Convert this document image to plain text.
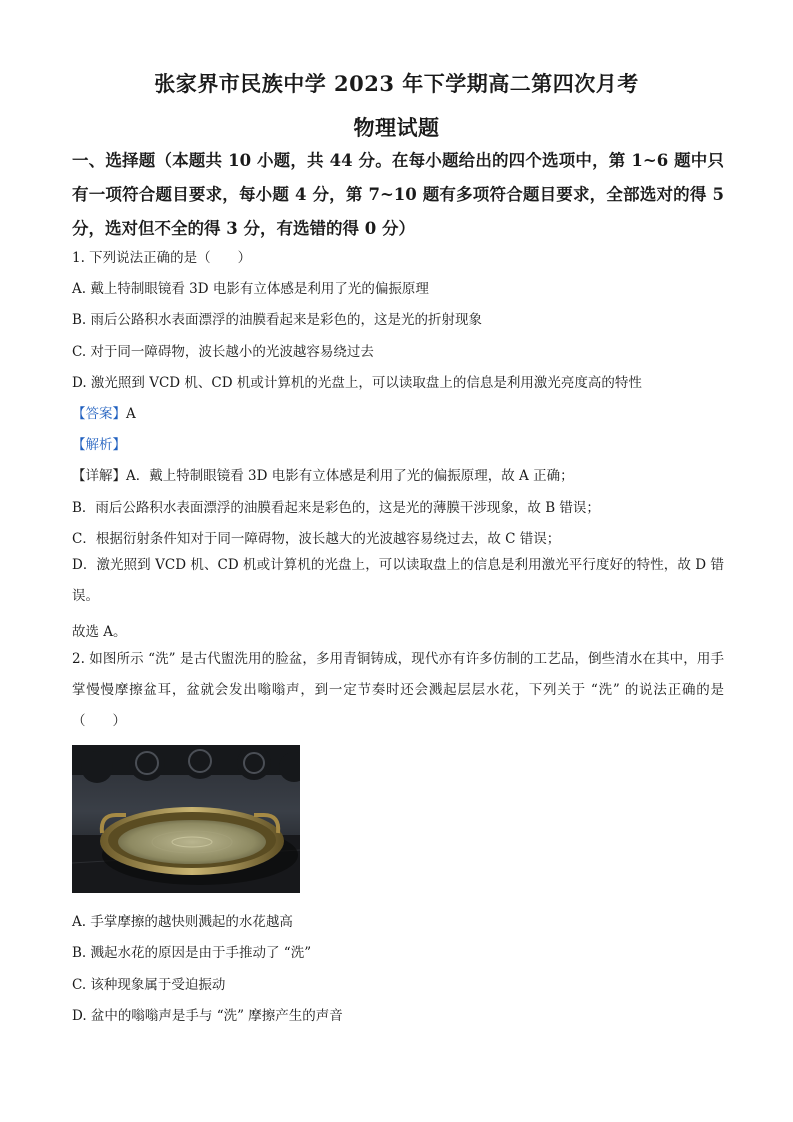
张家界市民族中学 2023 年下学期高二第四次月考
物理试题
一、选择题（本题共 10 小题，共 44 分。在每小题给出的四个选项中，第 1~6 题中只 有一项符合题目要求，每小题 4 分，第 7~10 题有多项符合题目要求，全部选对的得 5分，选对但不全的得 3 分，有选错的得 0 分）
1. 下列说法正确的是（　　）
A. 戴上特制眼镜看 3D 电影有立体感是利用了光的偏振原理
B. 雨后公路积水表面漂浮的油膜看起来是彩色的，这是光的折射现象
C. 对于同一障碍物，波长越小的光波越容易绕过去
D. 激光照到 VCD 机、CD 机或计算机的光盘上，可以读取盘上的信息是利用激光亮度高的特性
【答案】A
【解析】
【详解】A．戴上特制眼镜看 3D 电影有立体感是利用了光的偏振原理，故 A 正确；
B．雨后公路积水表面漂浮的油膜看起来是彩色的，这是光的薄膜干涉现象，故 B 错误；
C．根据衍射条件知对于同一障碍物，波长越大的光波越容易绕过去，故 C 错误；
D．激光照到 VCD 机、CD 机或计算机的光盘上，可以读取盘上的信息是利用激光平行度好的特性，故 D 错误。
故选 A。
2. 如图所示 “洗” 是古代盥洗用的脸盆，多用青铜铸成，现代亦有许多仿制的工艺品，倒些清水在其中，用手掌慢慢摩擦盆耳，盆就会发出嗡嗡声，到一定节奏时还会溅起层层水花，下列关于 “洗” 的说法正确的是（　　）
A. 手掌摩擦的越快则溅起的水花越高
B. 溅起水花的原因是由于手推动了 “洗”
C. 该种现象属于受迫振动
D. 盆中的嗡嗡声是手与 “洗” 摩擦产生的声音
